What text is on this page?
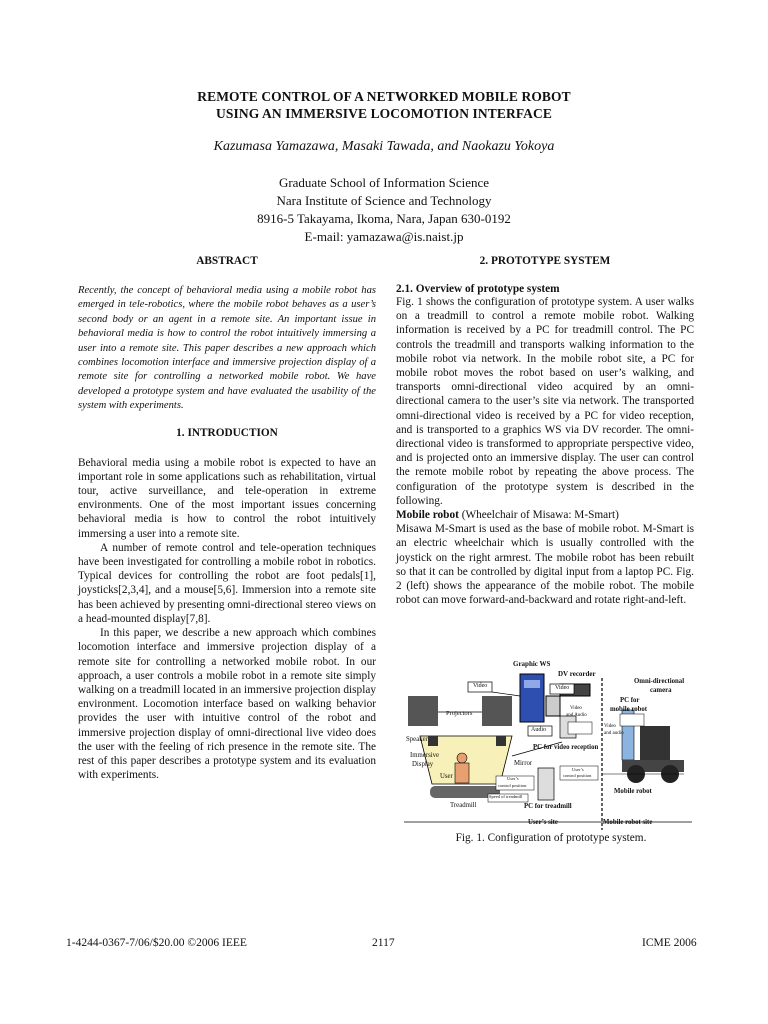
REMOTE CONTROL OF A NETWORKED MOBILE ROBOT
USING AN IMMERSIVE LOCOMOTION INTERFACE
Kazumasa Yamazawa, Masaki Tawada, and Naokazu Yokoya
Graduate School of Information Science
Nara Institute of Science and Technology
8916-5 Takayama, Ikoma, Nara, Japan 630-0192
E-mail: yamazawa@is.naist.jp

ABSTRACT

Recently, the concept of behavioral media using a mobile robot has emerged in tele-robotics, where the mobile robot behaves as a user’s second body or an agent in a remote site. An important issue in behavioral media is how to control the robot intuitively immersing a user into a remote site. This paper describes a new approach which combines locomotion interface and immersive projection display of a remote site for controlling a networked mobile robot. We have developed a prototype system and have evaluated the usability of the system with experiments.

1. INTRODUCTION

Behavioral media using a mobile robot is expected to have an important role in some applications such as rehabilitation, virtual tour, active surveillance, and tele-operation in extreme environments. One of the most important issues concerning behavioral media is how to control the robot intuitively immersing a user into a remote site.

A number of remote control and tele-operation techniques have been investigated for controlling a mobile robot in robotics. Typical devices for controlling the robot are foot pedals[1], joysticks[2,3,4], and a mouse[5,6]. Immersion into a remote site has been achieved by presenting omni-directional stereo views on a head-mounted display[7,8].

In this paper, we describe a new approach which combines locomotion interface and immersive projection display of a remote site for controlling a networked mobile robot. In our approach, a user controls a mobile robot in a remote site simply walking on a treadmill located in an immersive projection display environment. Locomotion interface based on walking behavior provides the user with intuitive control of the robot and immersive projection display of omni-directional live video does the user with the feeling of rich presence in the remote site. The rest of this paper describes a prototype system and its evaluation with experiments.

2. PROTOTYPE SYSTEM

2.1. Overview of prototype system

Fig. 1 shows the configuration of prototype system. A user walks on a treadmill to control a remote mobile robot. Walking information is received by a PC for treadmill control. The PC controls the treadmill and transports walking information to the mobile robot via network. In the mobile robot site, a PC for mobile robot moves the robot based on user’s walking, and transports omni-directional video acquired by an omni-directional camera to the user’s site via network. The transported omni-directional video is received by a PC for video reception, and is transported to a graphics WS via DV recorder. The omni-directional video is transformed to appropriate perspective video, and is projected onto an immersive display. The user can control the remote mobile robot by repeating the above process. The configuration of the prototype system is described in the following.

Mobile robot (Wheelchair of Misawa: M-Smart)

Misawa M-Smart is used as the base of mobile robot. M-Smart is an electric wheelchair which is usually controlled with the joystick on the right armrest. The mobile robot has been rebuilt so that it can be controlled by digital input from a laptop PC. Fig. 2 (left) shows the appearance of the mobile robot. The mobile robot can move forward-and-backward and rotate right-and-left.

Graphic WS
DV recorder
Omni-directional
camera
PC for
mobile robot
Video	Video
Projectors
Video
and Audio
Video
and audio
Audio
Speaker
Immersive
Display
PC for video reception
Mirror
User	User’s
control position
User’s
control position
Speed of treadmill
Treadmill	PC for treadmill
Mobile robot
User’s site	Mobile robot site
Fig. 1. Configuration of prototype system.
1-4244-0367-7/06/$20.00 ©2006 IEEE	2117	ICME 2006
